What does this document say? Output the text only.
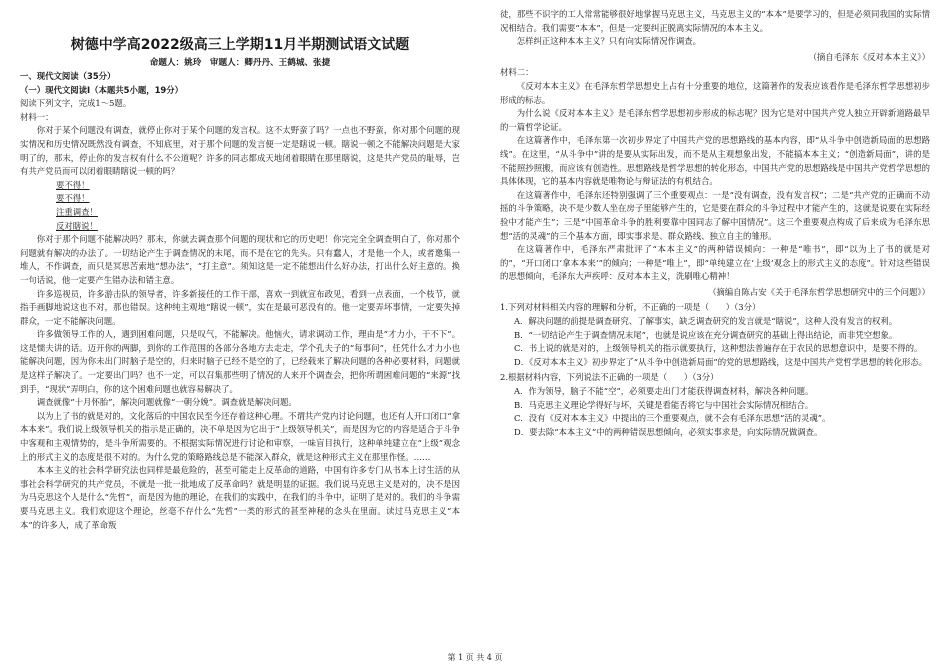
树德中学高2022级高三上学期11月半期测试语文试题
命题人：姚玲　审题人：卿丹丹、王鹤城、张捷
一、现代文阅读（35分）
（一）现代文阅读Ⅰ（本题共5小题，19分）
阅读下列文字，完成1～5题。
材料一：

你对于某个问题没有调查，就停止你对于某个问题的发言权。这不太野蛮了吗？一点也不野蛮，你对那个问题的现实情况和历史情况既然没有调查，不知底里，对于那个问题的发言便一定是瞎说一顿。瞎说一顿之不能解决问题是大家明了的，那末，停止你的发言权有什么不公道呢？许多的同志都成天地闭着眼睛在那里瞎说，这是共产党员的耻辱，岂有共产党员而可以闭着眼睛瞎说一顿的吗？

要不得！
要不得！
注重调查！
反对瞎说！

你对于那个问题不能解决吗？那末，你就去调查那个问题的现状和它的历史吧！你完完全全调查明白了，你对那个问题就有解决的办法了。一切结论产生于调查情况的末尾，而不是在它的先头。只有蠢人，才是他一个人，或者邀集一堆人，不作调查，而只是冥思苦索地“想办法”，“打主意”。须知这是一定不能想出什么好办法，打出什么好主意的。换一句话说，他一定要产生错办法和错主意。

许多巡视员，许多游击队的领导者，许多新接任的工作干部，喜欢一到就宣布政见，看到一点表面，一个枝节，就指手画脚地说这也不对，那也错误。这种纯主观地“瞎说一顿”，实在是最可恶没有的。他一定要弄坏事情，一定要失掉群众，一定不能解决问题。

许多做领导工作的人，遇到困难问题，只是叹气，不能解决。他恼火，请求调动工作，理由是“才力小，干不下”。这是懦夫讲的话。迈开你的两脚，到你的工作范围的各部分各地方去走走，学个孔夫子的“每事问”，任凭什么才力小也能解决问题，因为你未出门时脑子是空的，归来时脑子已经不是空的了，已经载来了解决问题的各种必要材料，问题就是这样子解决了。一定要出门吗？也不一定，可以召集那些明了情况的人来开个调查会，把你所谓困难问题的“来源”找到手，“现状”弄明白，你的这个困难问题也就容易解决了。

调查就像“十月怀胎”，解决问题就像“一朝分娩”。调查就是解决问题。

以为上了书的就是对的，文化落后的中国农民至今还存着这种心理。不谓共产党内讨论问题，也还有人开口闭口“拿本本来”。我们说上级领导机关的指示是正确的，决不单是因为它出于“上级领导机关”，而是因为它的内容是适合于斗争中客观和主观情势的，是斗争所需要的。不根据实际情况进行讨论和审察，一味盲目执行，这种单纯建立在“上级”观念上的形式主义的态度是很不对的。为什么党的策略路线总是不能深入群众，就是这种形式主义在那里作怪。……

本本主义的社会科学研究法也同样是最危险的，甚至可能走上反革命的道路，中国有许多专门从书本上讨生活的从事社会科学研究的共产党员，不就是一批一批地成了反革命吗？就是明显的证据。我们说马克思主义是对的，决不是因为马克思这个人是什么“先哲”，而是因为他的理论，在我们的实践中，在我们的斗争中，证明了是对的。我们的斗争需要马克思主义。我们欢迎这个理论，丝毫不存什么“先哲”一类的形式的甚至神秘的念头在里面。读过马克思主义“本本”的许多人，成了革命叛

徒，那些不识字的工人常常能够很好地掌握马克思主义，马克思主义的“本本”是要学习的，但是必须同我国的实际情况相结合。我们需要“本本”，但是一定要纠正脱离实际情况的本本主义。

怎样纠正这种本本主义？只有向实际情况作调查。

（摘自毛泽东《反对本本主义》）
材料二：

《反对本本主义》在毛泽东哲学思想史上占有十分重要的地位，这篇著作的发表应该看作是毛泽东哲学思想初步形成的标志。

为什么说《反对本本主义》是毛泽东哲学思想初步形成的标志呢？因为它是对中国共产党人独立开辟新道路最早的一篇哲学论证。

在这篇著作中，毛泽东第一次初步界定了中国共产党的思想路线的基本内容，即“从斗争中创造新局面的思想路线”。在这里，“从斗争中”讲的是要从实际出发，而不是从主观想象出发，不能搞本本主义；“创造新局面”，讲的是不能照抄照搬，而应该有创造性。思想路线是哲学思想的转化形态，中国共产党的思想路线是中国共产党哲学思想的具体体现，它的基本内容就是唯物论与辩证法的有机结合。

在这篇著作中，毛泽东还特别强调了三个重要观点：一是“没有调查，没有发言权”；二是“共产党的正确而不动摇的斗争策略，决不是少数人坐在房子里能够产生的，它是要在群众的斗争过程中才能产生的，这就是说要在实际经验中才能产生”；三是“中国革命斗争的胜利要靠中国同志了解中国情况”。这三个重要观点构成了后来成为毛泽东思想“活的灵魂”的三个基本方面，即实事求是、群众路线、独立自主的雏形。

在这篇著作中，毛泽东严肃批评了“本本主义”的两种错误倾向：一种是“唯书”，即“以为上了书的就是对的”，“开口闭口‘拿本本来’”的倾向；一种是“唯上”，即“单纯建立在‘上级’观念上的形式主义的态度”。针对这些错误的思想倾向，毛泽东大声疾呼：反对本本主义，洗刷唯心精神！

（摘编自陈占安《关于毛泽东哲学思想研究中的三个问题》）
1.下列对材料相关内容的理解和分析，不正确的一项是（　　）（3分）

A．解决问题的前提是调查研究、了解事实，缺乏调查研究的发言就是“瞎说”，这种人没有发言的权利。

B．“一切结论产生于调查情况末尾”，也就是说应该在充分调查研究的基础上得出结论，而非凭空想象。

C．书上说的就是对的，上级领导机关的指示就要执行，这种想法普遍存在于农民的思想意识中，是要不得的。

D．《反对本本主义》初步界定了“从斗争中创造新局面”的党的思想路线，这是中国共产党哲学思想的转化形态。

2.根据材料内容，下列说法不正确的一项是（　　）（3分）

A．作为领导，脑子不能“空”，必须要走出门才能获得调查材料，解决各种问题。

B．马克思主义理论学得好与坏，关键是看能否将它与中国社会实际情况相结合。

C．没有《反对本本主义》中提出的三个重要观点，就不会有毛泽东思想“活的灵魂”。

D．要去除“本本主义”中的两种错误思想倾向，必须实事求是，向实际情况做调查。

第 1 页 共 4 页
